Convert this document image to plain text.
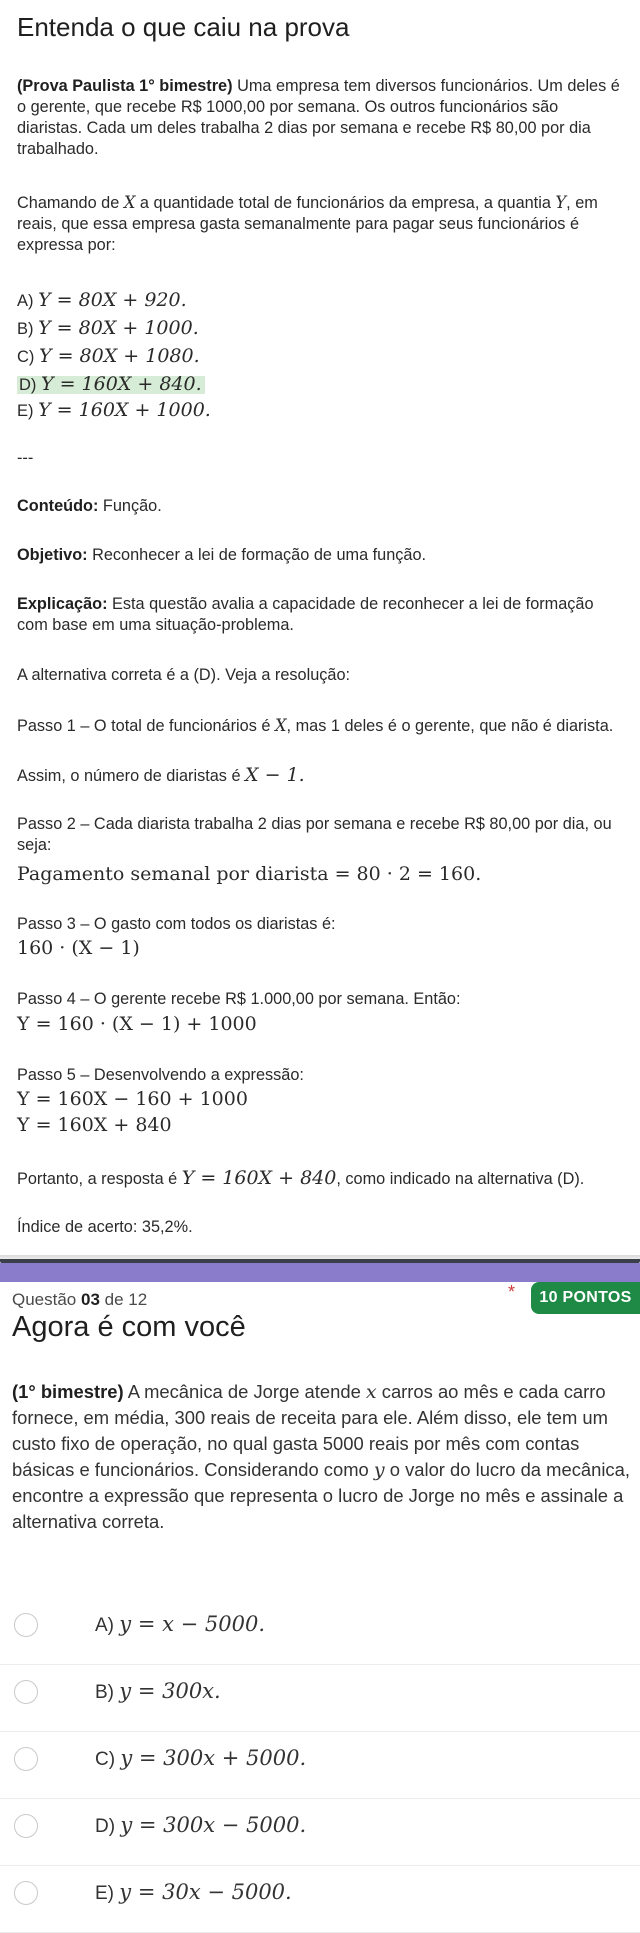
Entenda o que caiu na prova
(Prova Paulista 1° bimestre) Uma empresa tem diversos funcionários. Um deles é o gerente, que recebe R$ 1000,00 por semana. Os outros funcionários são diaristas. Cada um deles trabalha 2 dias por semana e recebe R$ 80,00 por dia trabalhado.
Chamando de X a quantidade total de funcionários da empresa, a quantia Y, em reais, que essa empresa gasta semanalmente para pagar seus funcionários é expressa por:
A) Y = 80X + 920.
B) Y = 80X + 1000.
C) Y = 80X + 1080.
D) Y = 160X + 840.
E) Y = 160X + 1000.
---
Conteúdo: Função.
Objetivo: Reconhecer a lei de formação de uma função.
Explicação: Esta questão avalia a capacidade de reconhecer a lei de formação com base em uma situação-problema.
A alternativa correta é a (D). Veja a resolução:
Passo 1 – O total de funcionários é X, mas 1 deles é o gerente, que não é diarista.
Assim, o número de diaristas é X − 1.
Passo 2 – Cada diarista trabalha 2 dias por semana e recebe R$ 80,00 por dia, ou seja:
Pagamento semanal por diarista = 80 · 2 = 160.
Passo 3 – O gasto com todos os diaristas é:
160 · (X − 1)
Passo 4 – O gerente recebe R$ 1.000,00 por semana. Então:
Y = 160 · (X − 1) + 1000
Passo 5 – Desenvolvendo a expressão:
Y = 160X − 160 + 1000
Y = 160X + 840
Portanto, a resposta é Y = 160X + 840, como indicado na alternativa (D).
Índice de acerto: 35,2%.
Questão 03 de 12	*	10 PONTOS
Agora é com você
(1° bimestre) A mecânica de Jorge atende x carros ao mês e cada carro fornece, em média, 300 reais de receita para ele. Além disso, ele tem um custo fixo de operação, no qual gasta 5000 reais por mês com contas básicas e funcionários. Considerando como y o valor do lucro da mecânica, encontre a expressão que representa o lucro de Jorge no mês e assinale a alternativa correta.
A) y = x − 5000.
B) y = 300x.
C) y = 300x + 5000.
D) y = 300x − 5000.
E) y = 30x − 5000.
